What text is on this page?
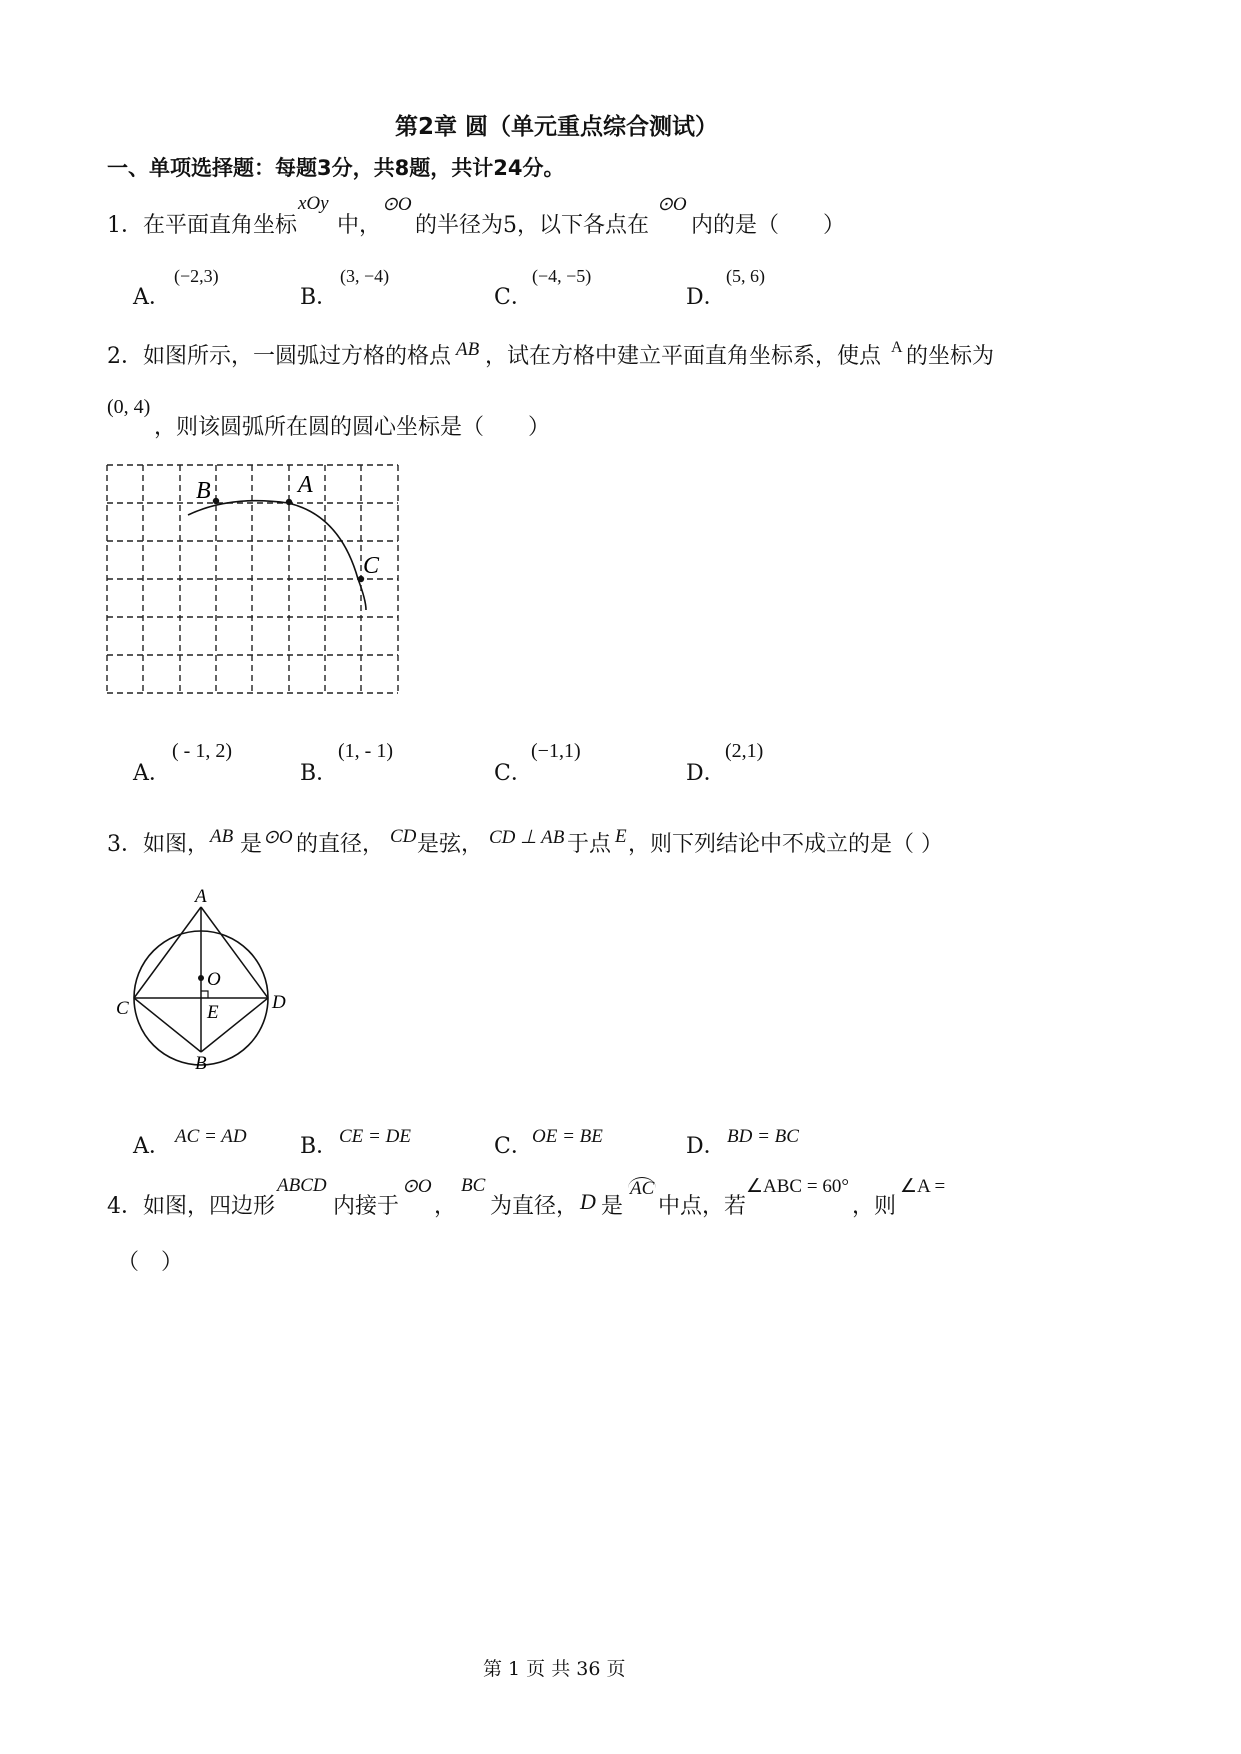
第2章 圆（单元重点综合测试）
一、单项选择题：每题3分，共8题，共计24分。
1．在平面直角坐标
xOy
中，
⊙O
的半径为5，以下各点在
⊙O
内的是（　　）
A．
(−2,3)
B．
(3, −4)
C．
(−4, −5)
D．
(5, 6)
2．如图所示，一圆弧过方格的格点 AB ，试在方格中建立平面直角坐标系，使点 A 的坐标为
(0, 4)
，则该圆弧所在圆的圆心坐标是（　　）
B	A
C
A．
( - 1, 2)
B．
(1, - 1)
C．
(−1,1)
D．
(2,1)
3．如图， AB 是 ⊙O 的直径， CD 是弦， CD ⊥ AB 于点 E ，则下列结论中不成立的是（ ）
A
O
C	D
E
B
A． AC = AD B． CE = DE	C． OE = BE	D． BD = BC
4．如图，四边形
ABCD
内接于
⊙O
，
BC
为直径， D 是
AC
中点，若
∠ABC = 60°
，则
∠A =
（　）
第 1 页 共 36 页
